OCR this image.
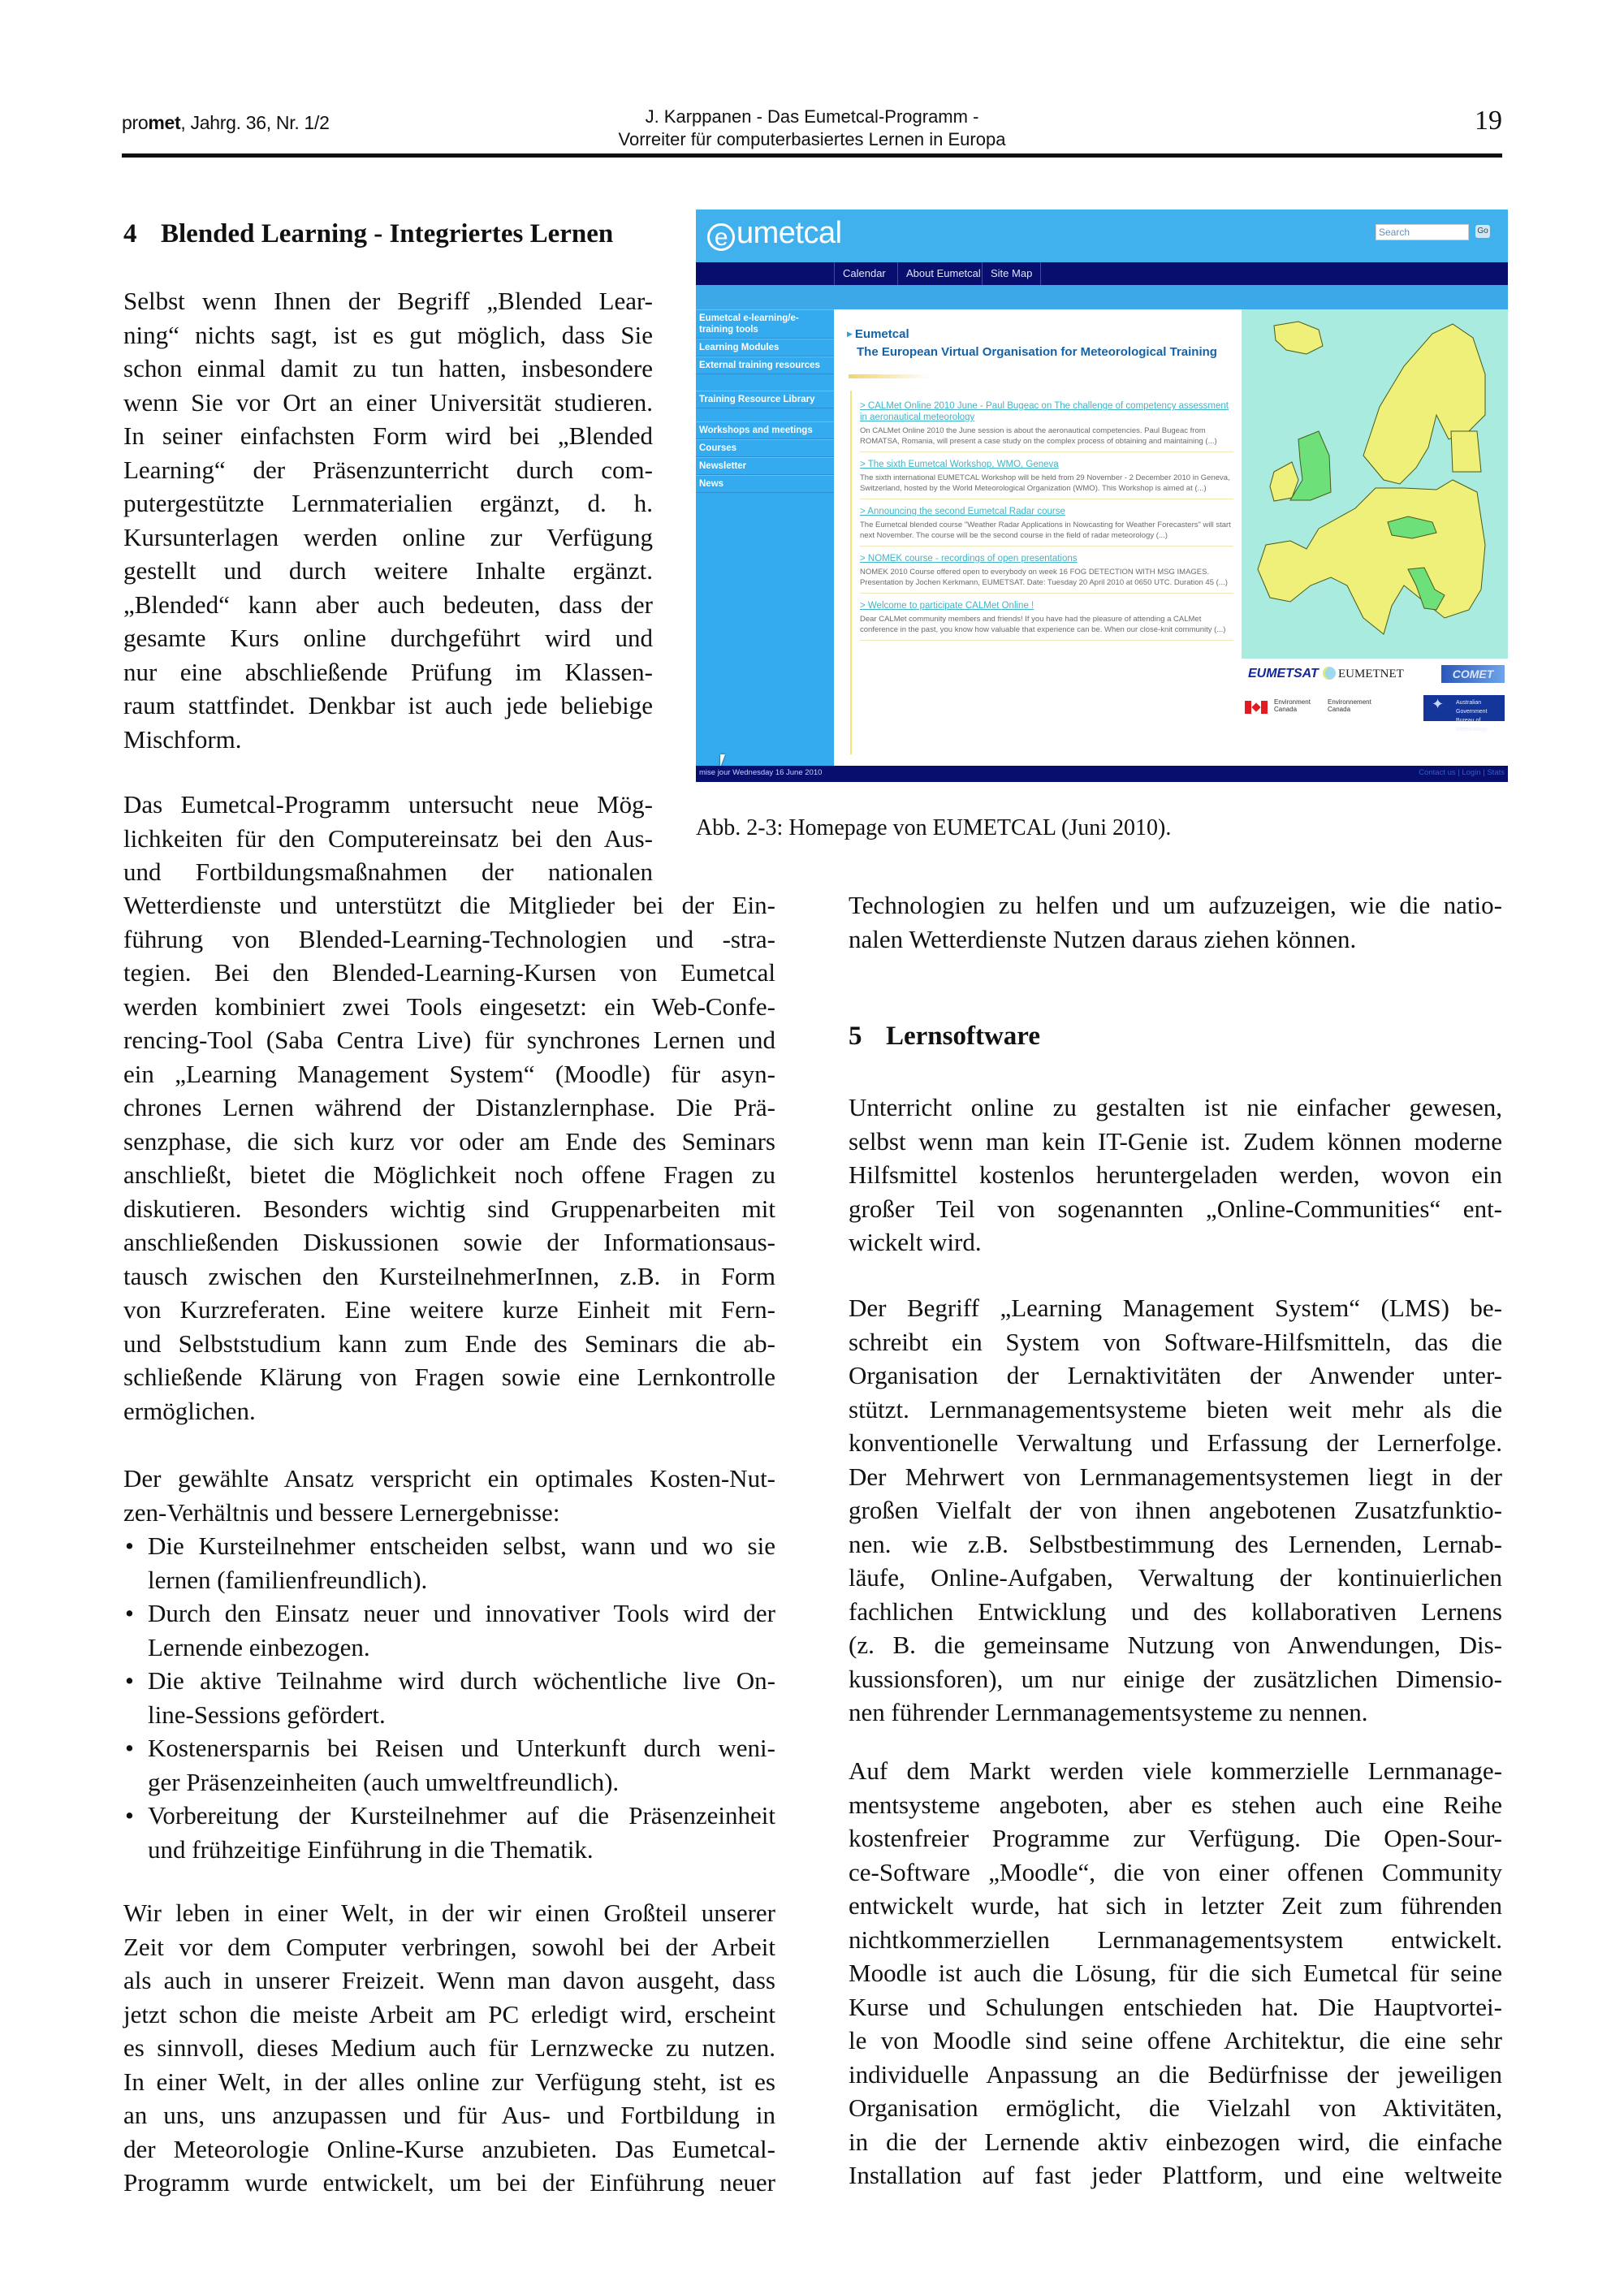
promet, Jahrg. 36, Nr. 1/2	J. Karppanen - Das Eumetcal-Programm -
Vorreiter für computerbasiertes Lernen in Europa
19
4 Blended Learning - Integriertes Lernen
Selbst wenn Ihnen der Begriff „Blended Lear-
ning“ nichts sagt, ist es gut möglich, dass Sie
schon einmal damit zu tun hatten, insbesondere
wenn Sie vor Ort an einer Universität studieren.
In seiner einfachsten Form wird bei „Blended
Learning“ der Präsenzunterricht durch com-
putergestützte Lernmaterialien ergänzt, d. h.
Kursunterlagen werden online zur Verfügung
gestellt und durch weitere Inhalte ergänzt.
„Blended“ kann aber auch bedeuten, dass der
gesamte Kurs online durchgeführt wird und
nur eine abschließende Prüfung im Klassen-
raum stattfindet. Denkbar ist auch jede beliebige
Mischform.
Das Eumetcal-Programm untersucht neue Mög-
lichkeiten für den Computereinsatz bei den Aus-
und Fortbildungsmaßnahmen der nationalen
Wetterdienste und unterstützt die Mitglieder bei der Ein-
führung von Blended-Learning-Technologien und -stra-
tegien. Bei den Blended-Learning-Kursen von Eumetcal
werden kombiniert zwei Tools eingesetzt: ein Web-Confe-
rencing-Tool (Saba Centra Live) für synchrones Lernen und
ein „Learning Management System“ (Moodle) für asyn-
chrones Lernen während der Distanzlernphase. Die Prä-
senzphase, die sich kurz vor oder am Ende des Seminars
anschließt, bietet die Möglichkeit noch offene Fragen zu
diskutieren. Besonders wichtig sind Gruppenarbeiten mit
anschließenden Diskussionen sowie der Informationsaus-
tausch zwischen den KursteilnehmerInnen, z.B. in Form
von Kurzreferaten. Eine weitere kurze Einheit mit Fern-
und Selbststudium kann zum Ende des Seminars die ab-
schließende Klärung von Fragen sowie eine Lernkontrolle
ermöglichen.
Der gewählte Ansatz verspricht ein optimales Kosten-Nut-
zen-Verhältnis und bessere Lernergebnisse:
• Die Kursteilnehmer entscheiden selbst, wann und wo sie
lernen (familienfreundlich).
• Durch den Einsatz neuer und innovativer Tools wird der
Lernende einbezogen.
• Die aktive Teilnahme wird durch wöchentliche live On-
line-Sessions gefördert.
• Kostenersparnis bei Reisen und Unterkunft durch weni-
ger Präsenzeinheiten (auch umweltfreundlich).
• Vorbereitung der Kursteilnehmer auf die Präsenzeinheit
und frühzeitige Einführung in die Thematik.
Wir leben in einer Welt, in der wir einen Großteil unserer
Zeit vor dem Computer verbringen, sowohl bei der Arbeit
als auch in unserer Freizeit. Wenn man davon ausgeht, dass
jetzt schon die meiste Arbeit am PC erledigt wird, erscheint
es sinnvoll, dieses Medium auch für Lernzwecke zu nutzen.
In einer Welt, in der alles online zur Verfügung steht, ist es
an uns, uns anzupassen und für Aus- und Fortbildung in
der Meteorologie Online-Kurse anzubieten. Das Eumetcal-
Programm wurde entwickelt, um bei der Einführung neuer
Technologien zu helfen und um aufzuzeigen, wie die natio-
nalen Wetterdienste Nutzen daraus ziehen können.
5 Lernsoftware
Unterricht online zu gestalten ist nie einfacher gewesen,
selbst wenn man kein IT-Genie ist. Zudem können moderne
Hilfsmittel kostenlos heruntergeladen werden, wovon ein
großer Teil von sogenannten „Online-Communities“ ent-
wickelt wird.
Der Begriff „Learning Management System“ (LMS) be-
schreibt ein System von Software-Hilfsmitteln, das die
Organisation der Lernaktivitäten der Anwender unter-
stützt. Lernmanagementsysteme bieten weit mehr als die
konventionelle Verwaltung und Erfassung der Lernerfolge.
Der Mehrwert von Lernmanagementsystemen liegt in der
großen Vielfalt der von ihnen angebotenen Zusatzfunktio-
nen. wie z.B. Selbstbestimmung des Lernenden, Lernab-
läufe, Online-Aufgaben, Verwaltung der kontinuierlichen
fachlichen Entwicklung und des kollaborativen Lernens
(z. B. die gemeinsame Nutzung von Anwendungen, Dis-
kussionsforen), um nur einige der zusätzlichen Dimensio-
nen führender Lernmanagementsysteme zu nennen.
Auf dem Markt werden viele kommerzielle Lernmanage-
mentsysteme angeboten, aber es stehen auch eine Reihe
kostenfreier Programme zur Verfügung. Die Open-Sour-
ce-Software „Moodle“, die von einer offenen Community
entwickelt wurde, hat sich in letzter Zeit zum führenden
nichtkommerziellen Lernmanagementsystem entwickelt.
Moodle ist auch die Lösung, für die sich Eumetcal für seine
Kurse und Schulungen entschieden hat. Die Hauptvortei-
le von Moodle sind seine offene Architektur, die eine sehr
individuelle Anpassung an die Bedürfnisse der jeweiligen
Organisation ermöglicht, die Vielzahl von Aktivitäten,
in die der Lernende aktiv einbezogen wird, die einfache
Installation auf fast jeder Plattform, und eine weltweite
e umetcal	Search	Go
Calendar	About Eumetcal Site Map
Eumetcal e-learning/e-training tools
Learning Modules
External training resources
Training Resource Library
Workshops and meetings
Courses
Newsletter
News
▶ Eumetcal
The European Virtual Organisation for Meteorological Training
> CALMet Online 2010 June - Paul Bugeac on The challenge of competency assessment in aeronautical meteorology
On CALMet Online 2010 the June session is about the aeronautical competencies. Paul Bugeac from ROMATSA, Romania, will present a case study on the complex process of obtaining and maintaining (...)
> The sixth Eumetcal Workshop, WMO, Geneva
The sixth international EUMETCAL Workshop will be held from 29 November - 2 December 2010 in Geneva, Switzerland, hosted by the World Meteorological Organization (WMO). This Workshop is aimed at (...)
> Announcing the second Eumetcal Radar course
The Eumetcal blended course "Weather Radar Applications in Nowcasting for Weather Forecasters" will start next November. The course will be the second course in the field of radar meteorology (...)
> NOMEK course - recordings of open presentations
NOMEK 2010 Course offered open to everybody on week 16 FOG DETECTION WITH MSG IMAGES. Presentation by Jochen Kerkmann, EUMETSAT. Date: Tuesday 20 April 2010 at 0650 UTC. Duration 45 (...)
> Welcome to participate CALMet Online !
Dear CALMet community members and friends! If you have had the pleasure of attending a CALMet conference in the past, you know how valuable that experience can be. When our close-knit community (...)
EUMETSAT	EUMETNET	COMET
Environment Canada
Environnement Canada
✦ Australian Government
Bureau of Meteorology
mise jour Wednesday 16 June 2010	Contact us | Login | Stats
Abb. 2-3: Homepage von EUMETCAL (Juni 2010).
